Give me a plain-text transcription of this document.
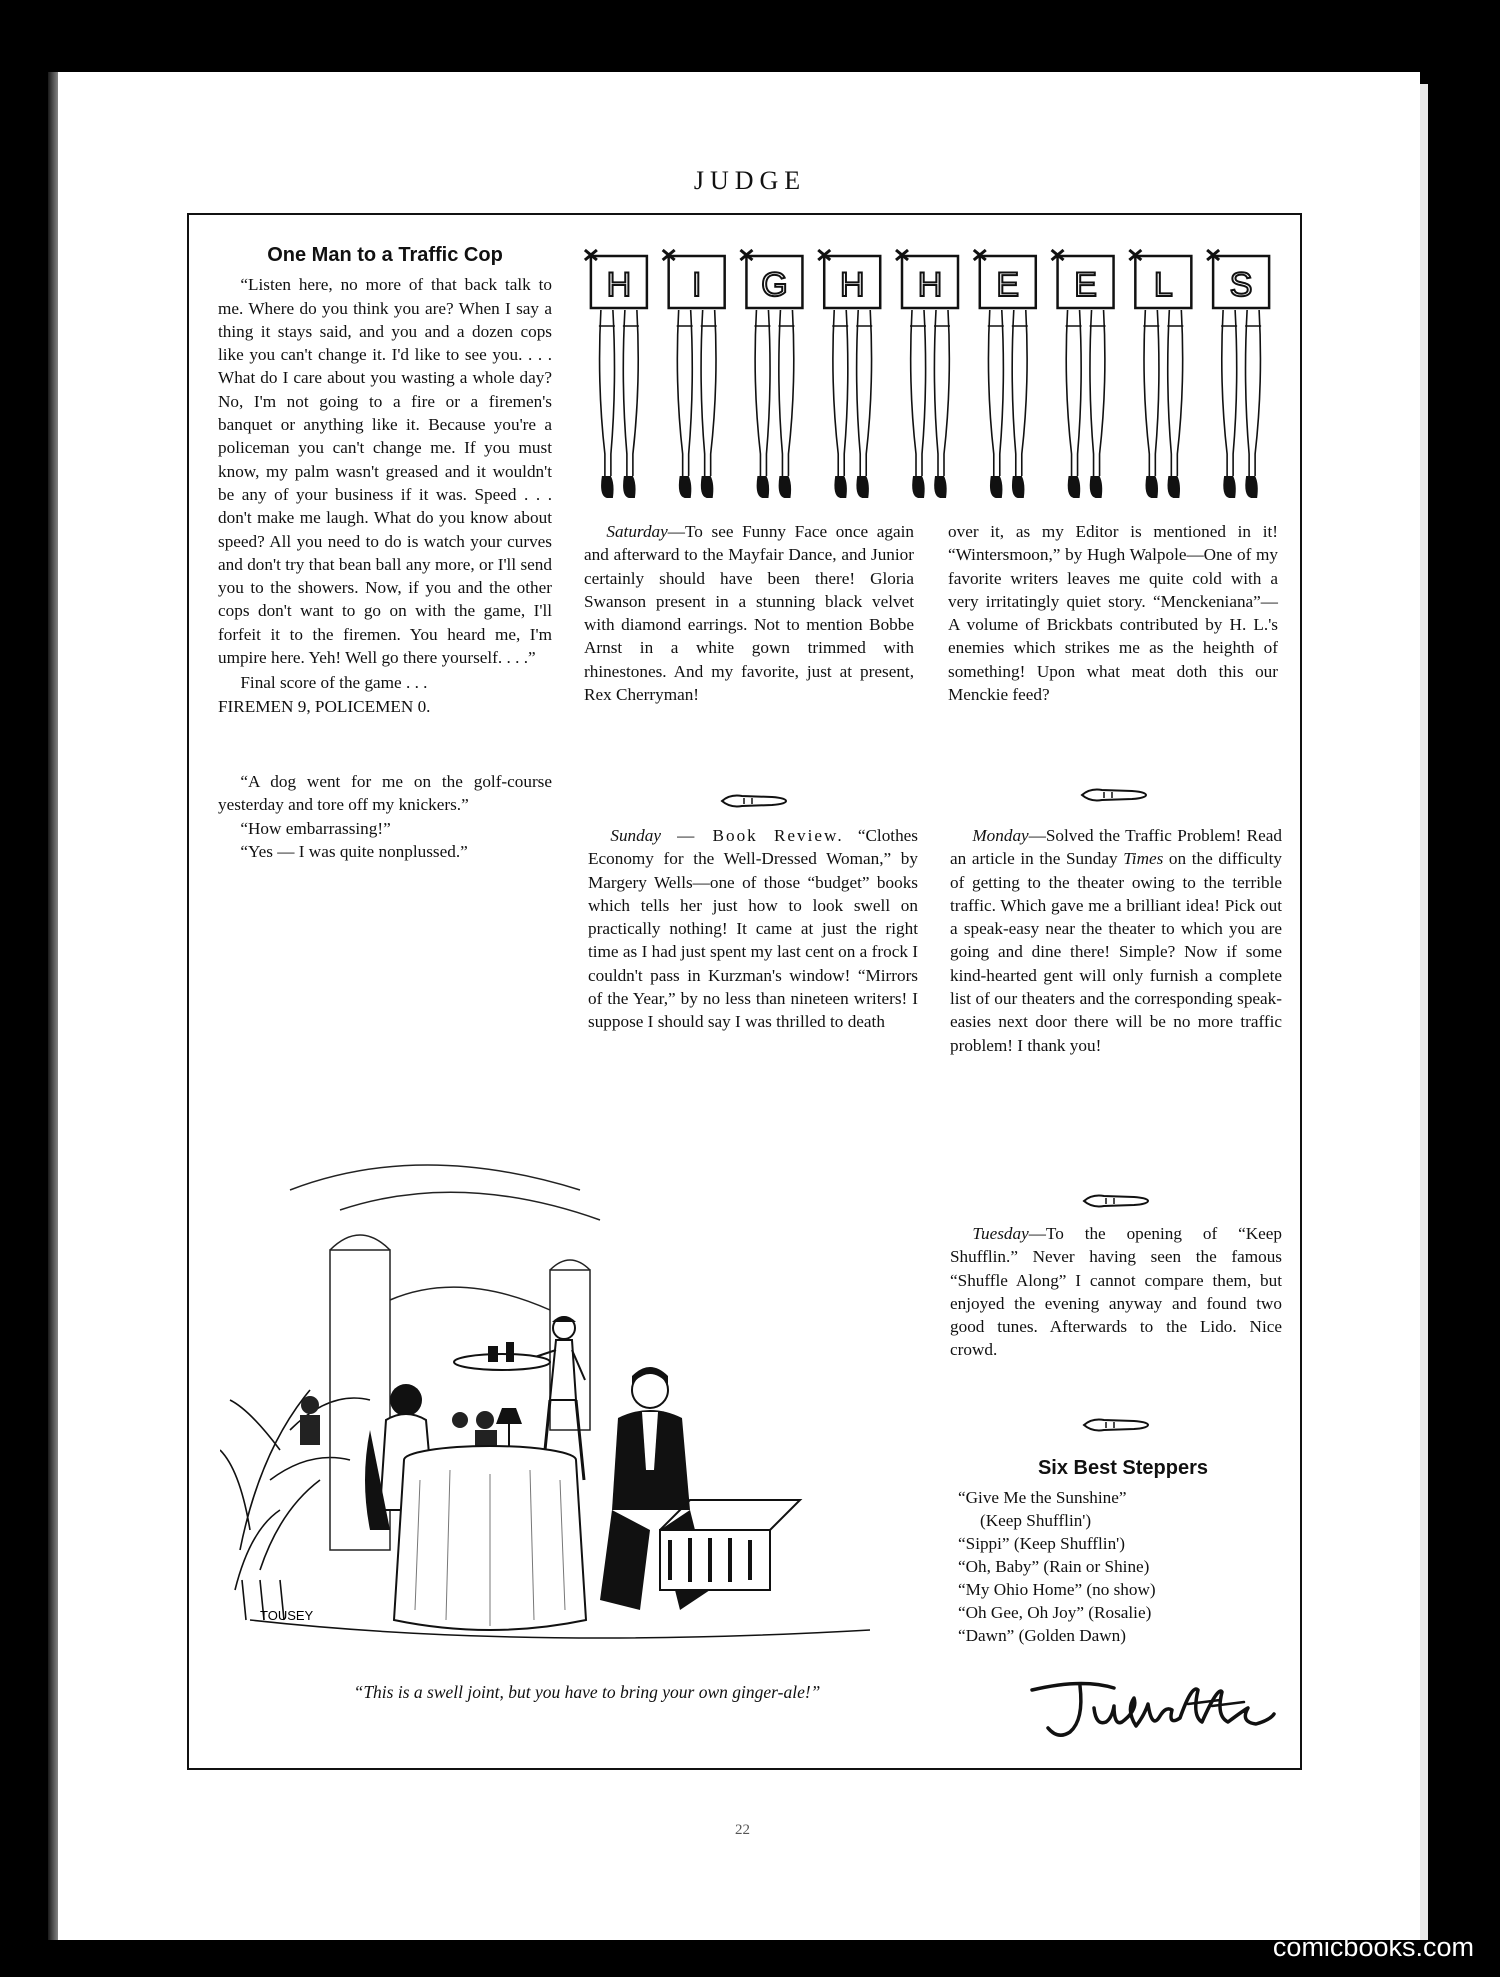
JUDGE
One Man to a Traffic Cop

“Listen here, no more of that back talk to me. Where do you think you are? When I say a thing it stays said, and you and a dozen cops like you can't change it. I'd like to see you. . . . What do I care about you wasting a whole day? No, I'm not going to a fire or a firemen's banquet or anything like it. Because you're a policeman you can't change me. If you must know, my palm wasn't greased and it wouldn't be any of your business if it was. Speed . . . don't make me laugh. What do you know about speed? All you need to do is watch your curves and don't try that bean ball any more, or I'll send you to the showers. Now, if you and the other cops don't want to go on with the game, I'll forfeit it to the firemen. You heard me, I'm umpire here. Yeh! Well go there yourself. . . .”

Final score of the game . . .

FIREMEN 9, POLICEMEN 0.

“A dog went for me on the golf-course yesterday and tore off my knickers.”

“How embarrassing!”

“Yes — I was quite nonplussed.”

H I G H H E E L S

Saturday—To see Funny Face once again and afterward to the Mayfair Dance, and Junior certainly should have been there! Gloria Swanson present in a stunning black velvet with diamond earrings. Not to mention Bobbe Arnst in a white gown trimmed with rhinestones. And my favorite, just at present, Rex Cherryman!

over it, as my Editor is mentioned in it! “Wintersmoon,” by Hugh Walpole—One of my favorite writers leaves me quite cold with a very irritatingly quiet story. “Menckeniana”—A volume of Brickbats contributed by H. L.'s enemies which strikes me as the heighth of something! Upon what meat doth this our Menckie feed?

Sunday — Book Review. “Clothes Economy for the Well-Dressed Woman,” by Margery Wells—one of those “budget” books which tells her just how to look swell on practically nothing! It came at just the right time as I had just spent my last cent on a frock I couldn't pass in Kurzman's window! “Mirrors of the Year,” by no less than nineteen writers! I suppose I should say I was thrilled to death

Monday—Solved the Traffic Problem! Read an article in the Sunday Times on the difficulty of getting to the theater owing to the terrible traffic. Which gave me a brilliant idea! Pick out a speak-easy near the theater to which you are going and dine there! Simple? Now if some kind-hearted gent will only furnish a complete list of our theaters and the corresponding speak-easies next door there will be no more traffic problem! I thank you!

Tuesday—To the opening of “Keep Shufflin.” Never having seen the famous “Shuffle Along” I cannot compare them, but enjoyed the evening anyway and found two good tunes. Afterwards to the Lido. Nice crowd.

Six Best Steppers
“Give Me the Sunshine”
(Keep Shufflin')
“Sippi” (Keep Shufflin')
“Oh, Baby” (Rain or Shine)
“My Ohio Home” (no show)
“Oh Gee, Oh Joy” (Rosalie)
“Dawn” (Golden Dawn)
TOUSEY
“This is a swell joint, but you have to bring your own ginger-ale!”
22
comicbooks.com
